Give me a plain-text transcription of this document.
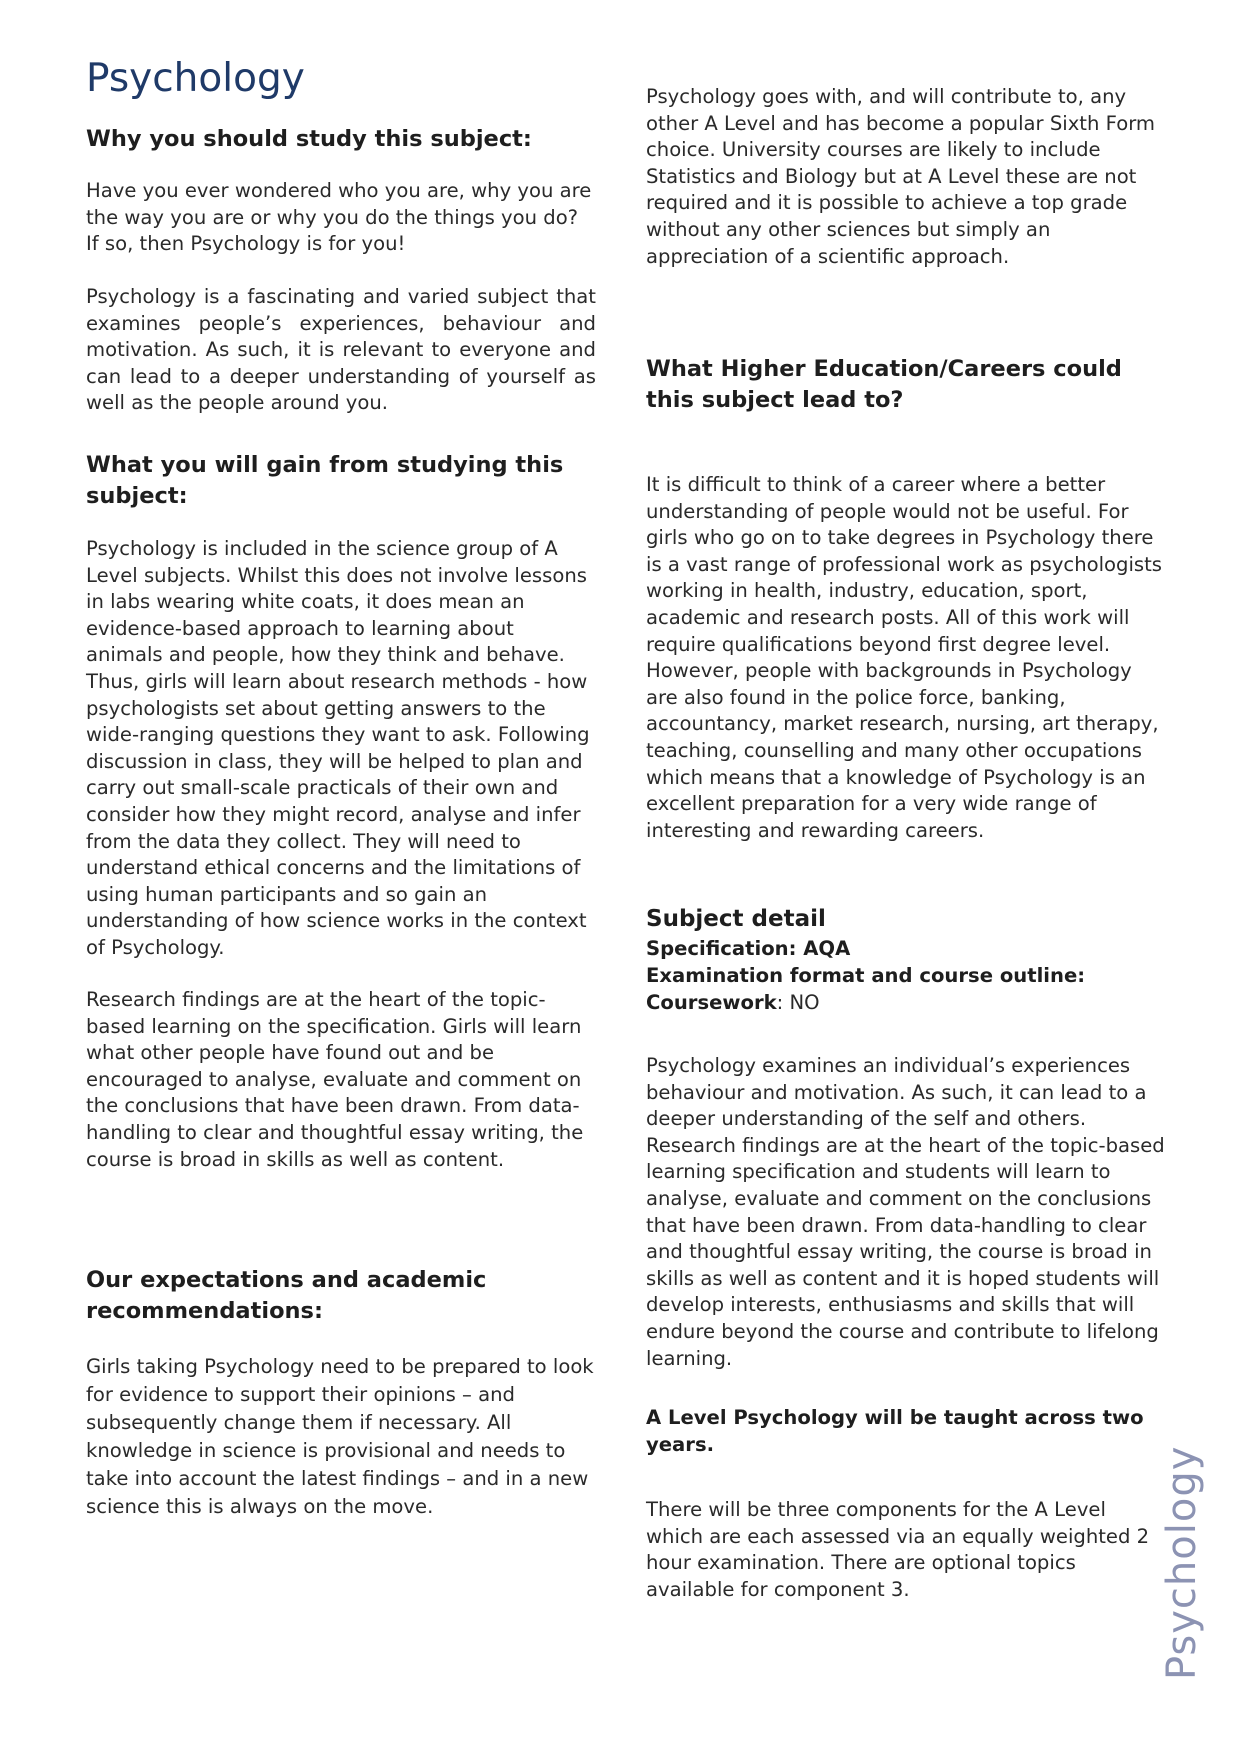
Psychology
Why you should study this subject:

Have you ever wondered who you are, why you are the way you are or why you do the things you do? If so, then Psychology is for you!

Psychology is a fascinating and varied subject that examines people’s experiences, behaviour and motivation. As such, it is relevant to everyone and can lead to a deeper understanding of yourself as well as the people around you.

What you will gain from studying this subject:

Psychology is included in the science group of A Level subjects. Whilst this does not involve lessons in labs wearing white coats, it does mean an evidence-based approach to learning about animals and people, how they think and behave. Thus, girls will learn about research methods - how psychologists set about getting answers to the wide-ranging questions they want to ask. Following discussion in class, they will be helped to plan and carry out small-scale practicals of their own and consider how they might record, analyse and infer from the data they collect. They will need to understand ethical concerns and the limitations of using human participants and so gain an understanding of how science works in the context of Psychology.

Research findings are at the heart of the topic-based learning on the specification. Girls will learn what other people have found out and be encouraged to analyse, evaluate and comment on the conclusions that have been drawn. From data-handling to clear and thoughtful essay writing, the course is broad in skills as well as content.

Our expectations and academic recommendations:

Girls taking Psychology need to be prepared to look for evidence to support their opinions – and subsequently change them if necessary. All knowledge in science is provisional and needs to take into account the latest findings – and in a new science this is always on the move.

Psychology goes with, and will contribute to, any other A Level and has become a popular Sixth Form choice. University courses are likely to include Statistics and Biology but at A Level these are not required and it is possible to achieve a top grade without any other sciences but simply an appreciation of a scientific approach.

What Higher Education/Careers could this subject lead to?

It is difficult to think of a career where a better understanding of people would not be useful. For girls who go on to take degrees in Psychology there is a vast range of professional work as psychologists working in health, industry, education, sport, academic and research posts. All of this work will require qualifications beyond first degree level. However, people with backgrounds in Psychology are also found in the police force, banking, accountancy, market research, nursing, art therapy, teaching, counselling and many other occupations which means that a knowledge of Psychology is an excellent preparation for a very wide range of interesting and rewarding careers.

Subject detail

Specification: AQA

Examination format and course outline:

Coursework: NO

Psychology examines an individual’s experiences behaviour and motivation. As such, it can lead to a deeper understanding of the self and others. Research findings are at the heart of the topic-based learning specification and students will learn to analyse, evaluate and comment on the conclusions that have been drawn. From data-handling to clear and thoughtful essay writing, the course is broad in skills as well as content and it is hoped students will develop interests, enthusiasms and skills that will endure beyond the course and contribute to lifelong learning.

A Level Psychology will be taught across two years.

There will be three components for the A Level which are each assessed via an equally weighted 2 hour examination. There are optional topics available for component 3.	Psychology
